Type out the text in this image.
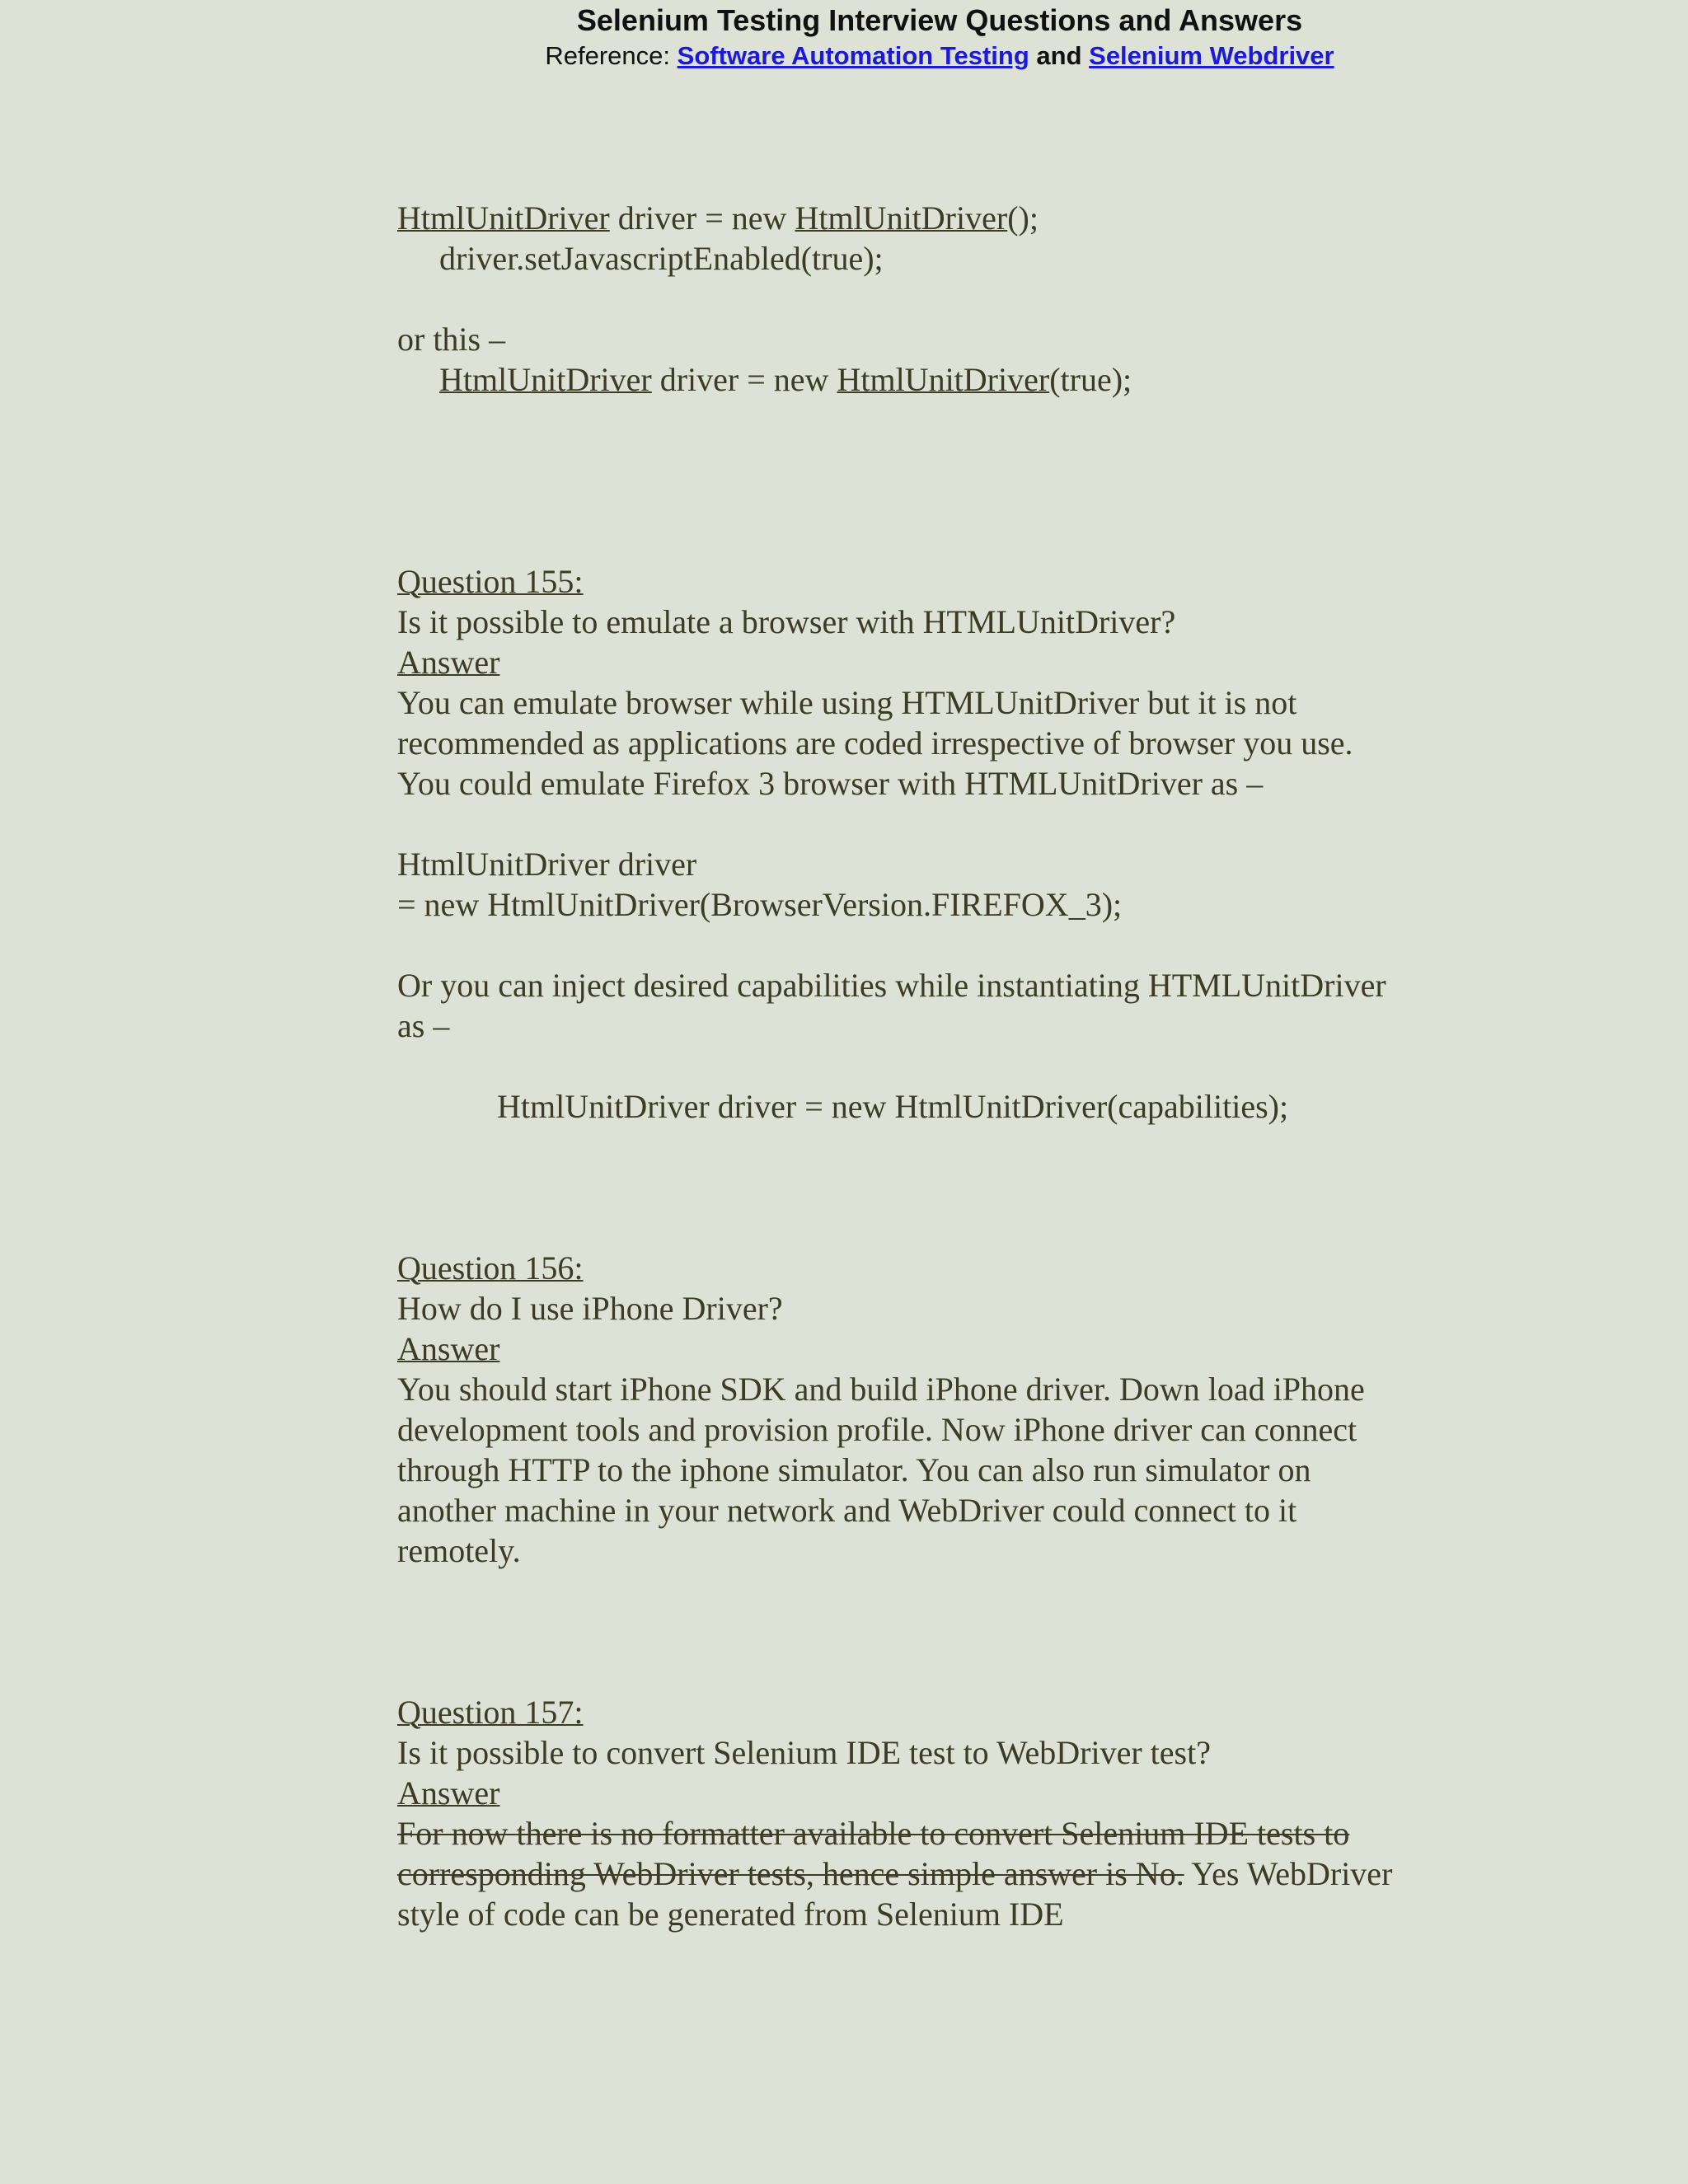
Selenium Testing Interview Questions and Answers
Reference: Software Automation Testing and Selenium Webdriver
HtmlUnitDriver driver = new HtmlUnitDriver();
driver.setJavascriptEnabled(true);
or this –
HtmlUnitDriver driver = new HtmlUnitDriver(true);
Question 155:
Is it possible to emulate a browser with HTMLUnitDriver?
Answer
You can emulate browser while using HTMLUnitDriver but it is not
recommended as applications are coded irrespective of browser you use.
You could emulate Firefox 3 browser with HTMLUnitDriver as –
HtmlUnitDriver driver
= new HtmlUnitDriver(BrowserVersion.FIREFOX_3);
Or you can inject desired capabilities while instantiating HTMLUnitDriver
as –
HtmlUnitDriver driver = new HtmlUnitDriver(capabilities);
Question 156:
How do I use iPhone Driver?
Answer
You should start iPhone SDK and build iPhone driver. Down load iPhone
development tools and provision profile. Now iPhone driver can connect
through HTTP to the iphone simulator. You can also run simulator on
another machine in your network and WebDriver could connect to it
remotely.
Question 157:
Is it possible to convert Selenium IDE test to WebDriver test?
Answer
For now there is no formatter available to convert Selenium IDE tests to
corresponding WebDriver tests, hence simple answer is No. Yes WebDriver
style of code can be generated from Selenium IDE
